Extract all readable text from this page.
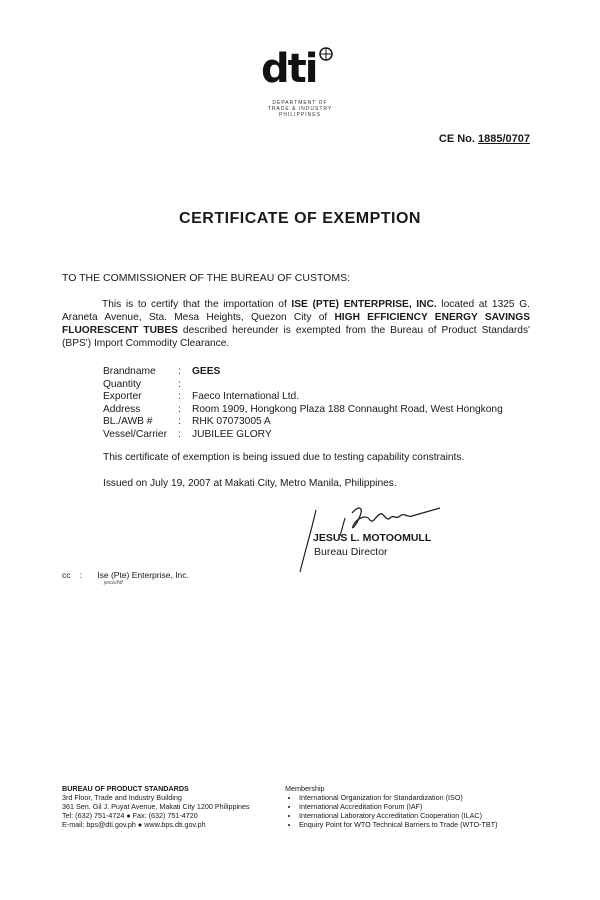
dti
DEPARTMENT OF
TRADE & INDUSTRY
PHILIPPINES
CE No. 1885/0707
CERTIFICATE OF EXEMPTION
TO THE COMMISSIONER OF THE BUREAU OF CUSTOMS:
This is to certify that the importation of ISE (PTE) ENTERPRISE, INC. located at 1325 G. Araneta Avenue, Sta. Mesa Heights, Quezon City of HIGH EFFICIENCY ENERGY SAVINGS FLUORESCENT TUBES described hereunder is exempted from the Bureau of Product Standards' (BPS') Import Commodity Clearance.
Brandname	:	GEES
Quantity	:	
Exporter	:	Faeco International Ltd.
Address	:	Room 1909, Hongkong Plaza 188 Connaught Road, West Hongkong
BL./AWB #	:	RHK 07073005 A
Vessel/Carrier	:	JUBILEE GLORY
This certificate of exemption is being issued due to testing capability constraints.
Issued on July 19, 2007 at Makati City, Metro Manila, Philippines.
JESUS L. MOTOOMULL
Bureau Director
cc : Ise (Pte) Enterprise, Inc.
jesus/fdf
BUREAU OF PRODUCT STANDARDS
3rd Floor, Trade and Industry Building
361 Sen. Gil J. Puyat Avenue, Makati City 1200 Philippines
Tel: (632) 751-4724 ● Fax: (632) 751-4720
E-mail: bps@dti.gov.ph ● www.bps.dti.gov.ph
Membership
• International Organization for Standardization (ISO)
• International Accreditation Forum (IAF)
• International Laboratory Accreditation Cooperation (ILAC)
• Enquiry Point for WTO Technical Barriers to Trade (WTO-TBT)
